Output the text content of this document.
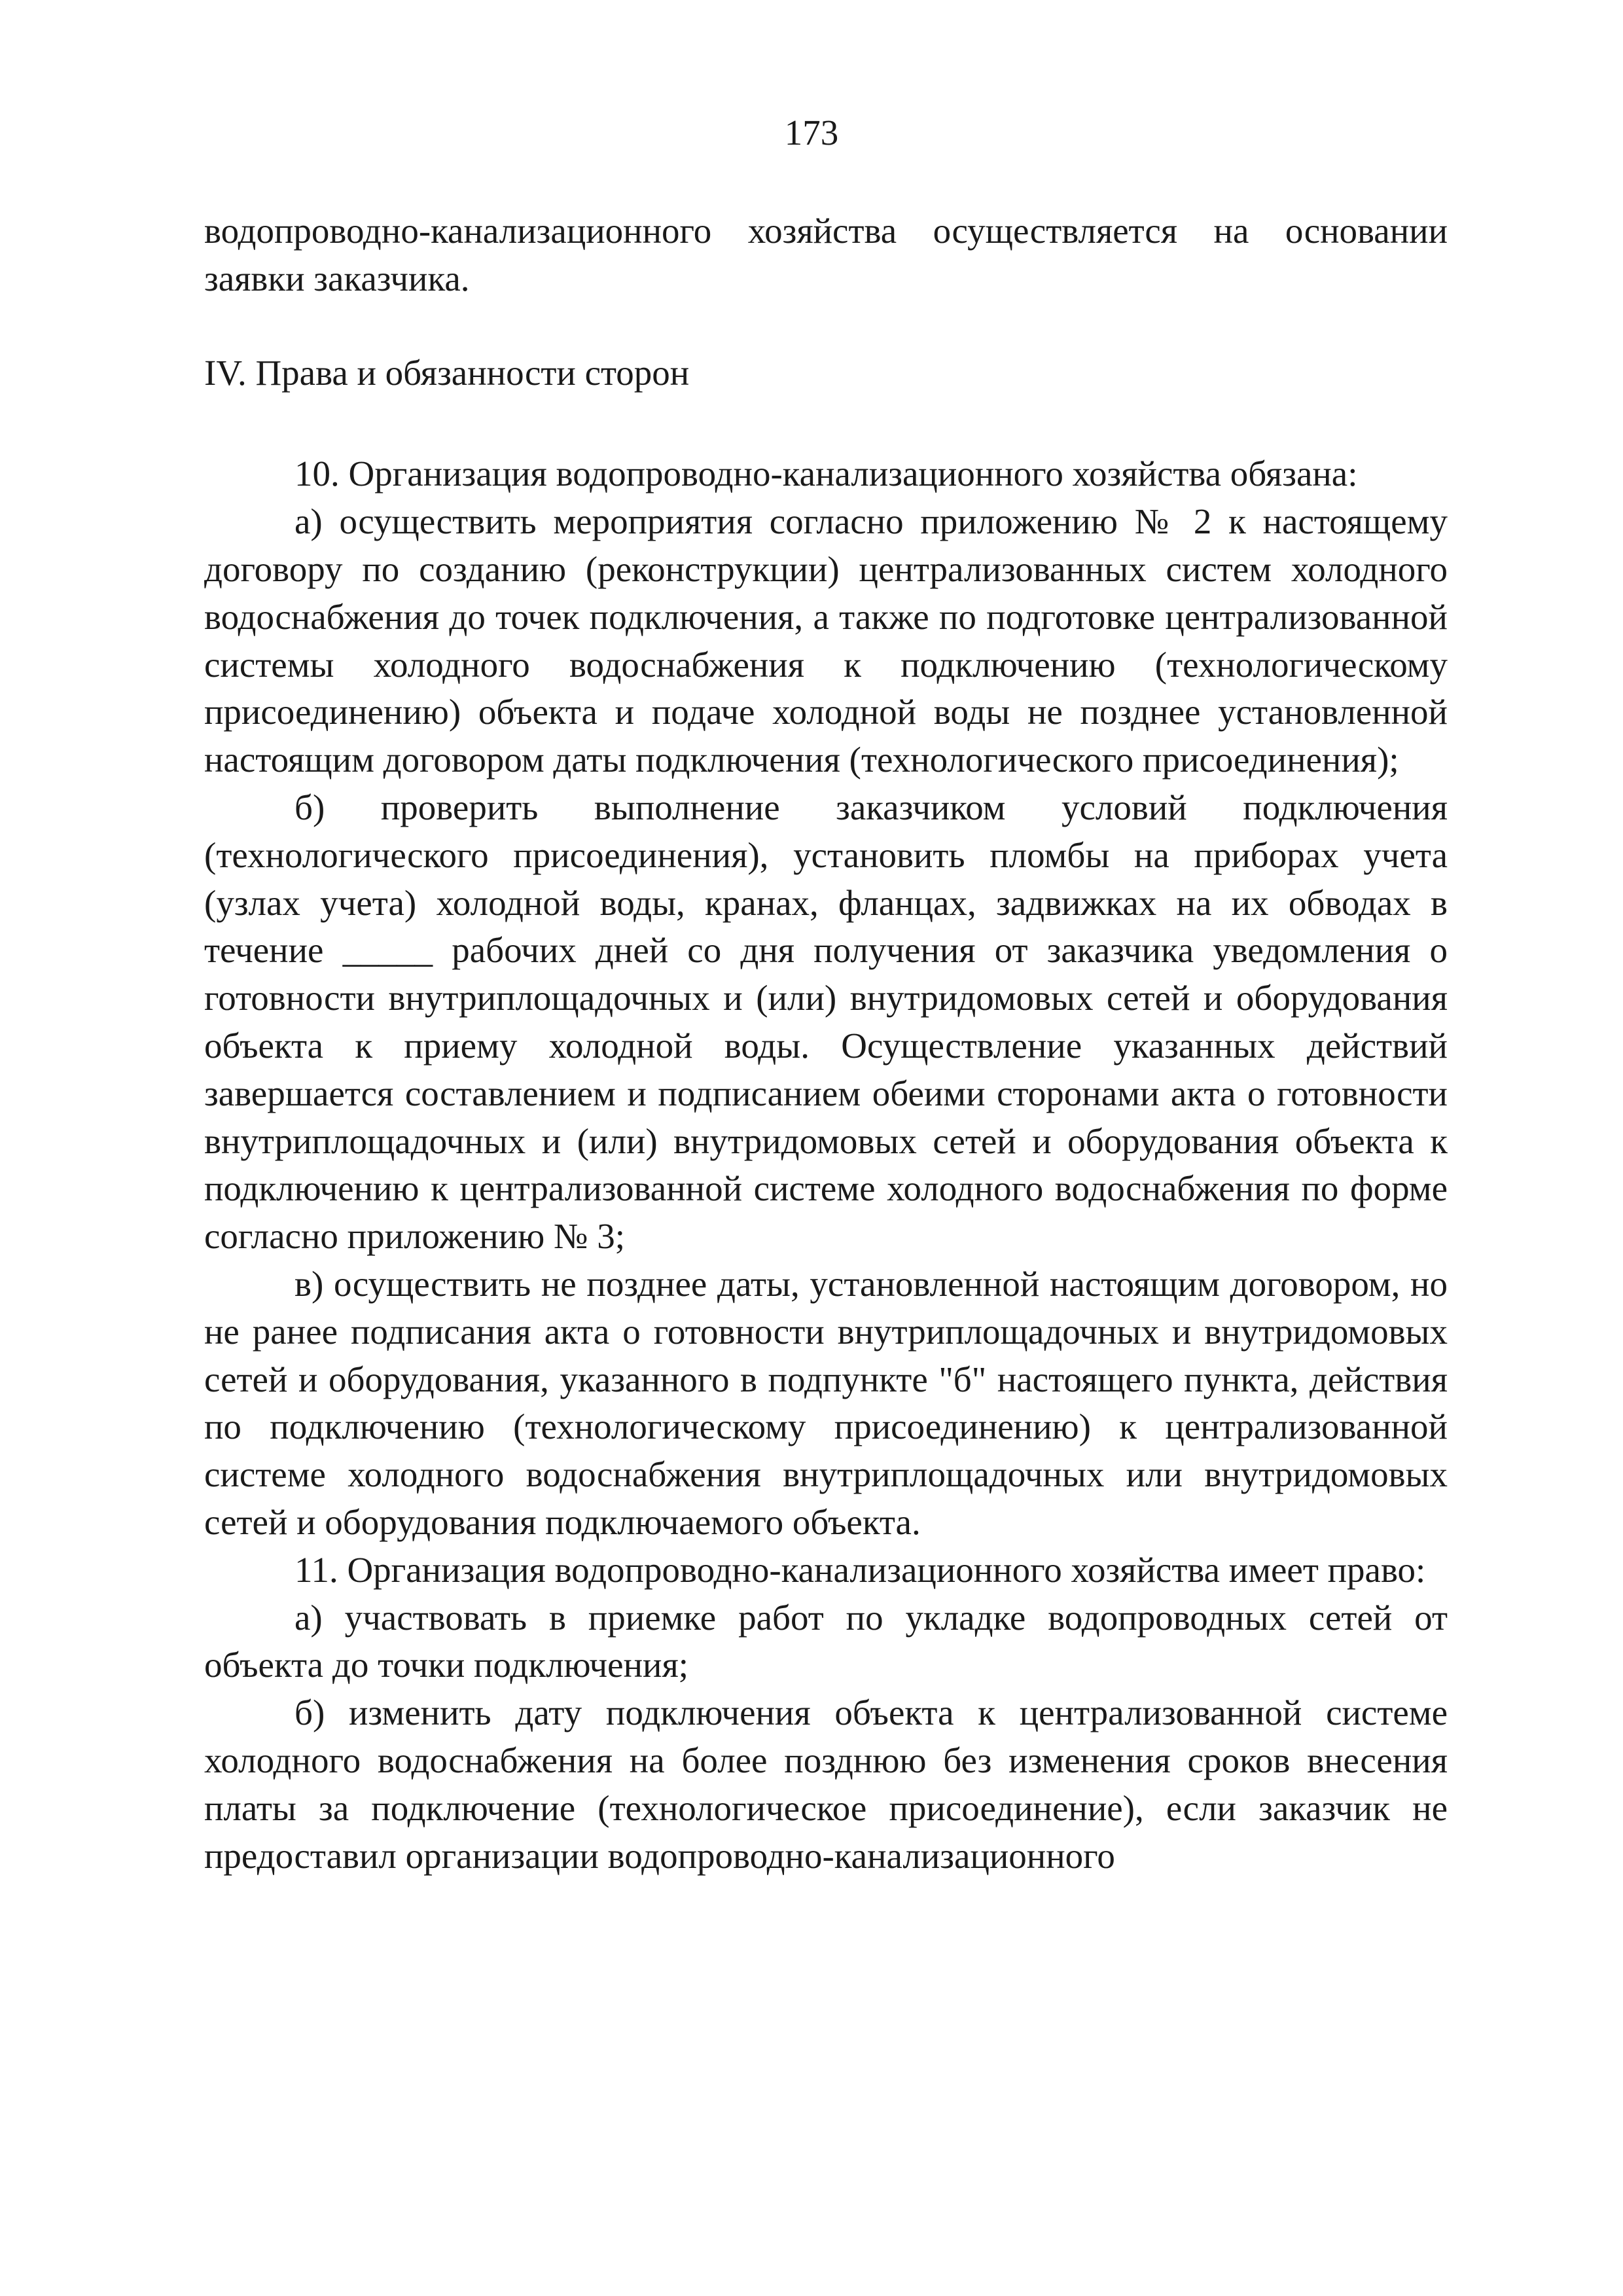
173

водопроводно-канализационного хозяйства осуществляется на основании заявки заказчика.

IV. Права и обязанности сторон

10. Организация водопроводно-канализационного хозяйства обязана:

а) осуществить мероприятия согласно приложению № 2 к настоящему договору по созданию (реконструкции) централизованных систем холодного водоснабжения до точек подключения, а также по подготовке централизованной системы холодного водоснабжения к подключению (технологическому присоединению) объекта и подаче холодной воды не позднее установленной настоящим договором даты подключения (технологического присоединения);

б) проверить выполнение заказчиком условий подключения (технологического присоединения), установить пломбы на приборах учета (узлах учета) холодной воды, кранах, фланцах, задвижках на их обводах в течение _____ рабочих дней со дня получения от заказчика уведомления о готовности внутриплощадочных и (или) внутридомовых сетей и оборудования объекта к приему холодной воды. Осуществление указанных действий завершается составлением и подписанием обеими сторонами акта о готовности внутриплощадочных и (или) внутридомовых сетей и оборудования объекта к подключению к централизованной системе холодного водоснабжения по форме согласно приложению № 3;

в) осуществить не позднее даты, установленной настоящим договором, но не ранее подписания акта о готовности внутриплощадочных и внутридомовых сетей и оборудования, указанного в подпункте "б" настоящего пункта, действия по подключению (технологическому присоединению) к централизованной системе холодного водоснабжения внутриплощадочных или внутридомовых сетей и оборудования подключаемого объекта.

11. Организация водопроводно-канализационного хозяйства имеет право:

а) участвовать в приемке работ по укладке водопроводных сетей от объекта до точки подключения;

б) изменить дату подключения объекта к централизованной системе холодного водоснабжения на более позднюю без изменения сроков внесения платы за подключение (технологическое присоединение), если заказчик не предоставил организации водопроводно-канализационного
